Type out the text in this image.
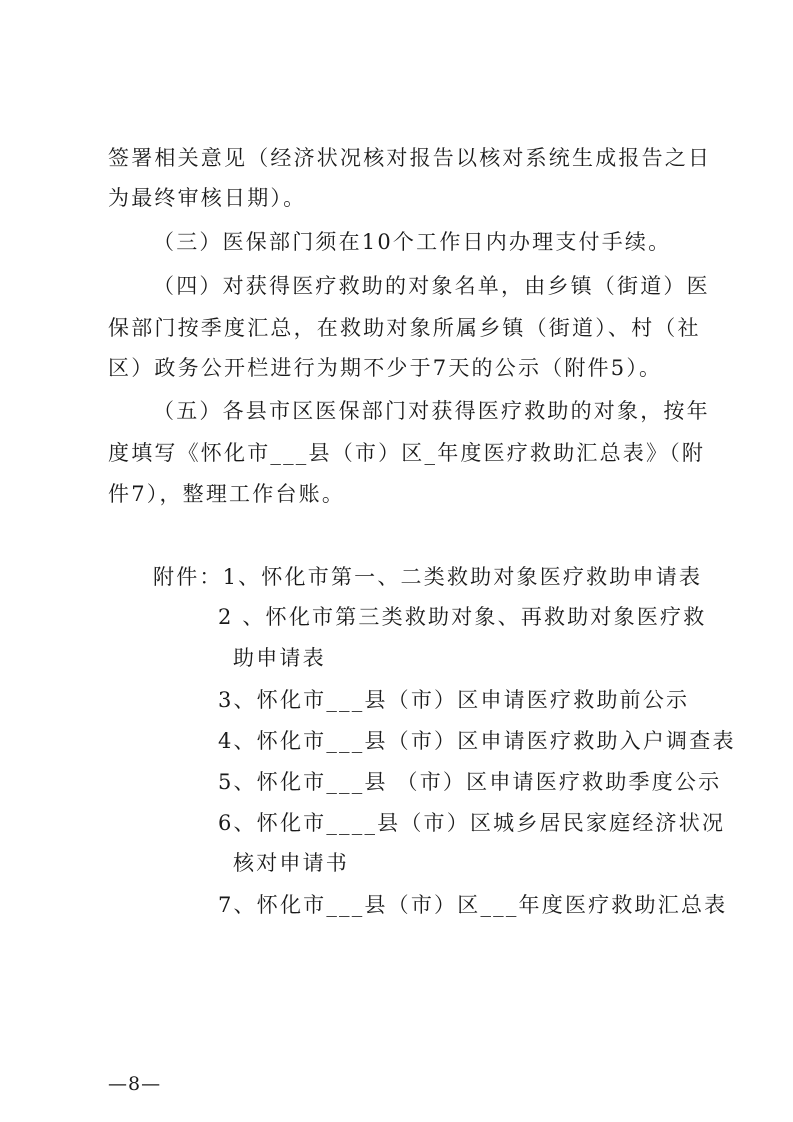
签署相关意见（经济状况核对报告以核对系统生成报告之日
为最终审核日期）。
（三）医保部门须在10个工作日内办理支付手续。
（四）对获得医疗救助的对象名单，由乡镇（街道）医
保部门按季度汇总，在救助对象所属乡镇（街道）、村（社
区）政务公开栏进行为期不少于7天的公示（附件5）。
（五）各县市区医保部门对获得医疗救助的对象，按年
度填写《怀化市___县（市）区_年度医疗救助汇总表》（附
件7），整理工作台账。
附件：1、怀化市第一、二类救助对象医疗救助申请表
2 、怀化市第三类救助对象、再救助对象医疗救
助申请表
3、怀化市___县（市）区申请医疗救助前公示
4、怀化市___县（市）区申请医疗救助入户调查表
5、怀化市___县 （市）区申请医疗救助季度公示
6、怀化市____县（市）区城乡居民家庭经济状况
核对申请书
7、怀化市___县（市）区___年度医疗救助汇总表
—8—
